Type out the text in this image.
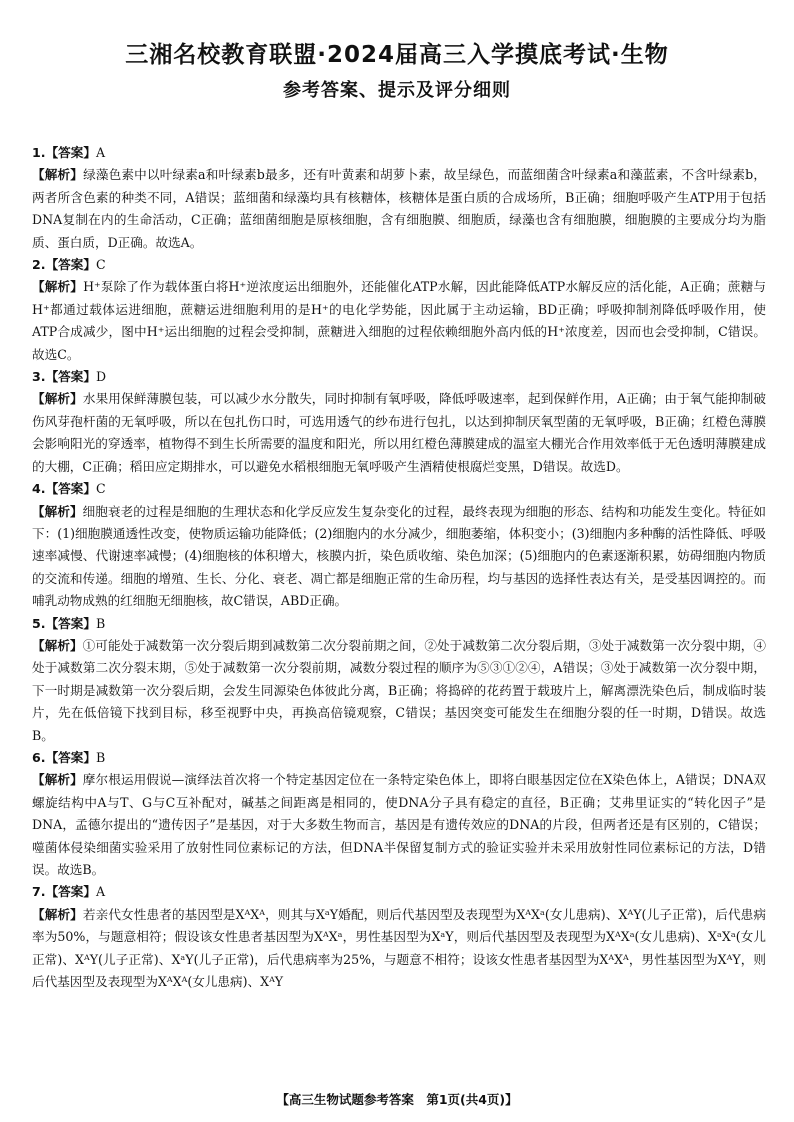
三湘名校教育联盟·2024届高三入学摸底考试·生物
参考答案、提示及评分细则

1.【答案】A

【解析】绿藻色素中以叶绿素a和叶绿素b最多，还有叶黄素和胡萝卜素，故呈绿色，而蓝细菌含叶绿素a和藻蓝素，不含叶绿素b，两者所含色素的种类不同，A错误；蓝细菌和绿藻均具有核糖体，核糖体是蛋白质的合成场所，B正确；细胞呼吸产生ATP用于包括DNA复制在内的生命活动，C正确；蓝细菌细胞是原核细胞，含有细胞膜、细胞质，绿藻也含有细胞膜，细胞膜的主要成分均为脂质、蛋白质，D正确。故选A。

2.【答案】C

【解析】H⁺泵除了作为载体蛋白将H⁺逆浓度运出细胞外，还能催化ATP水解，因此能降低ATP水解反应的活化能，A正确；蔗糖与H⁺都通过载体运进细胞，蔗糖运进细胞利用的是H⁺的电化学势能，因此属于主动运输，BD正确；呼吸抑制剂降低呼吸作用，使ATP合成减少，图中H⁺运出细胞的过程会受抑制，蔗糖进入细胞的过程依赖细胞外高内低的H⁺浓度差，因而也会受抑制，C错误。故选C。

3.【答案】D

【解析】水果用保鲜薄膜包装，可以减少水分散失，同时抑制有氧呼吸，降低呼吸速率，起到保鲜作用，A正确；由于氧气能抑制破伤风芽孢杆菌的无氧呼吸，所以在包扎伤口时，可选用透气的纱布进行包扎，以达到抑制厌氧型菌的无氧呼吸，B正确；红橙色薄膜会影响阳光的穿透率，植物得不到生长所需要的温度和阳光，所以用红橙色薄膜建成的温室大棚光合作用效率低于无色透明薄膜建成的大棚，C正确；稻田应定期排水，可以避免水稻根细胞无氧呼吸产生酒精使根腐烂变黑，D错误。故选D。

4.【答案】C

【解析】细胞衰老的过程是细胞的生理状态和化学反应发生复杂变化的过程，最终表现为细胞的形态、结构和功能发生变化。特征如下：(1)细胞膜通透性改变，使物质运输功能降低；(2)细胞内的水分减少，细胞萎缩，体积变小；(3)细胞内多种酶的活性降低、呼吸速率减慢、代谢速率减慢；(4)细胞核的体积增大，核膜内折，染色质收缩、染色加深；(5)细胞内的色素逐渐积累，妨碍细胞内物质的交流和传递。细胞的增殖、生长、分化、衰老、凋亡都是细胞正常的生命历程，均与基因的选择性表达有关，是受基因调控的。而哺乳动物成熟的红细胞无细胞核，故C错误，ABD正确。

5.【答案】B

【解析】①可能处于减数第一次分裂后期到减数第二次分裂前期之间，②处于减数第二次分裂后期，③处于减数第一次分裂中期，④处于减数第二次分裂末期，⑤处于减数第一次分裂前期，减数分裂过程的顺序为⑤③①②④，A错误；③处于减数第一次分裂中期，下一时期是减数第一次分裂后期，会发生同源染色体彼此分离，B正确；将捣碎的花药置于载玻片上，解离漂洗染色后，制成临时装片，先在低倍镜下找到目标，移至视野中央，再换高倍镜观察，C错误；基因突变可能发生在细胞分裂的任一时期，D错误。故选B。

6.【答案】B

【解析】摩尔根运用假说—演绎法首次将一个特定基因定位在一条特定染色体上，即将白眼基因定位在X染色体上，A错误；DNA双螺旋结构中A与T、G与C互补配对，碱基之间距离是相同的，使DNA分子具有稳定的直径，B正确；艾弗里证实的“转化因子”是DNA，孟德尔提出的“遗传因子”是基因，对于大多数生物而言，基因是有遗传效应的DNA的片段，但两者还是有区别的，C错误；噬菌体侵染细菌实验采用了放射性同位素标记的方法，但DNA半保留复制方式的验证实验并未采用放射性同位素标记的方法，D错误。故选B。

7.【答案】A

【解析】若亲代女性患者的基因型是XᴬXᴬ，则其与XᵃY婚配，则后代基因型及表现型为XᴬXᵃ(女儿患病)、XᴬY(儿子正常)，后代患病率为50%，与题意相符；假设该女性患者基因型为XᴬXᵃ，男性基因型为XᵃY，则后代基因型及表现型为XᴬXᵃ(女儿患病)、XᵃXᵃ(女儿正常)、XᴬY(儿子正常)、XᵃY(儿子正常)，后代患病率为25%，与题意不相符；设该女性患者基因型为XᴬXᴬ，男性基因型为XᴬY，则后代基因型及表现型为XᴬXᴬ(女儿患病)、XᴬY

【高三生物试题参考答案　第1页(共4页)】
